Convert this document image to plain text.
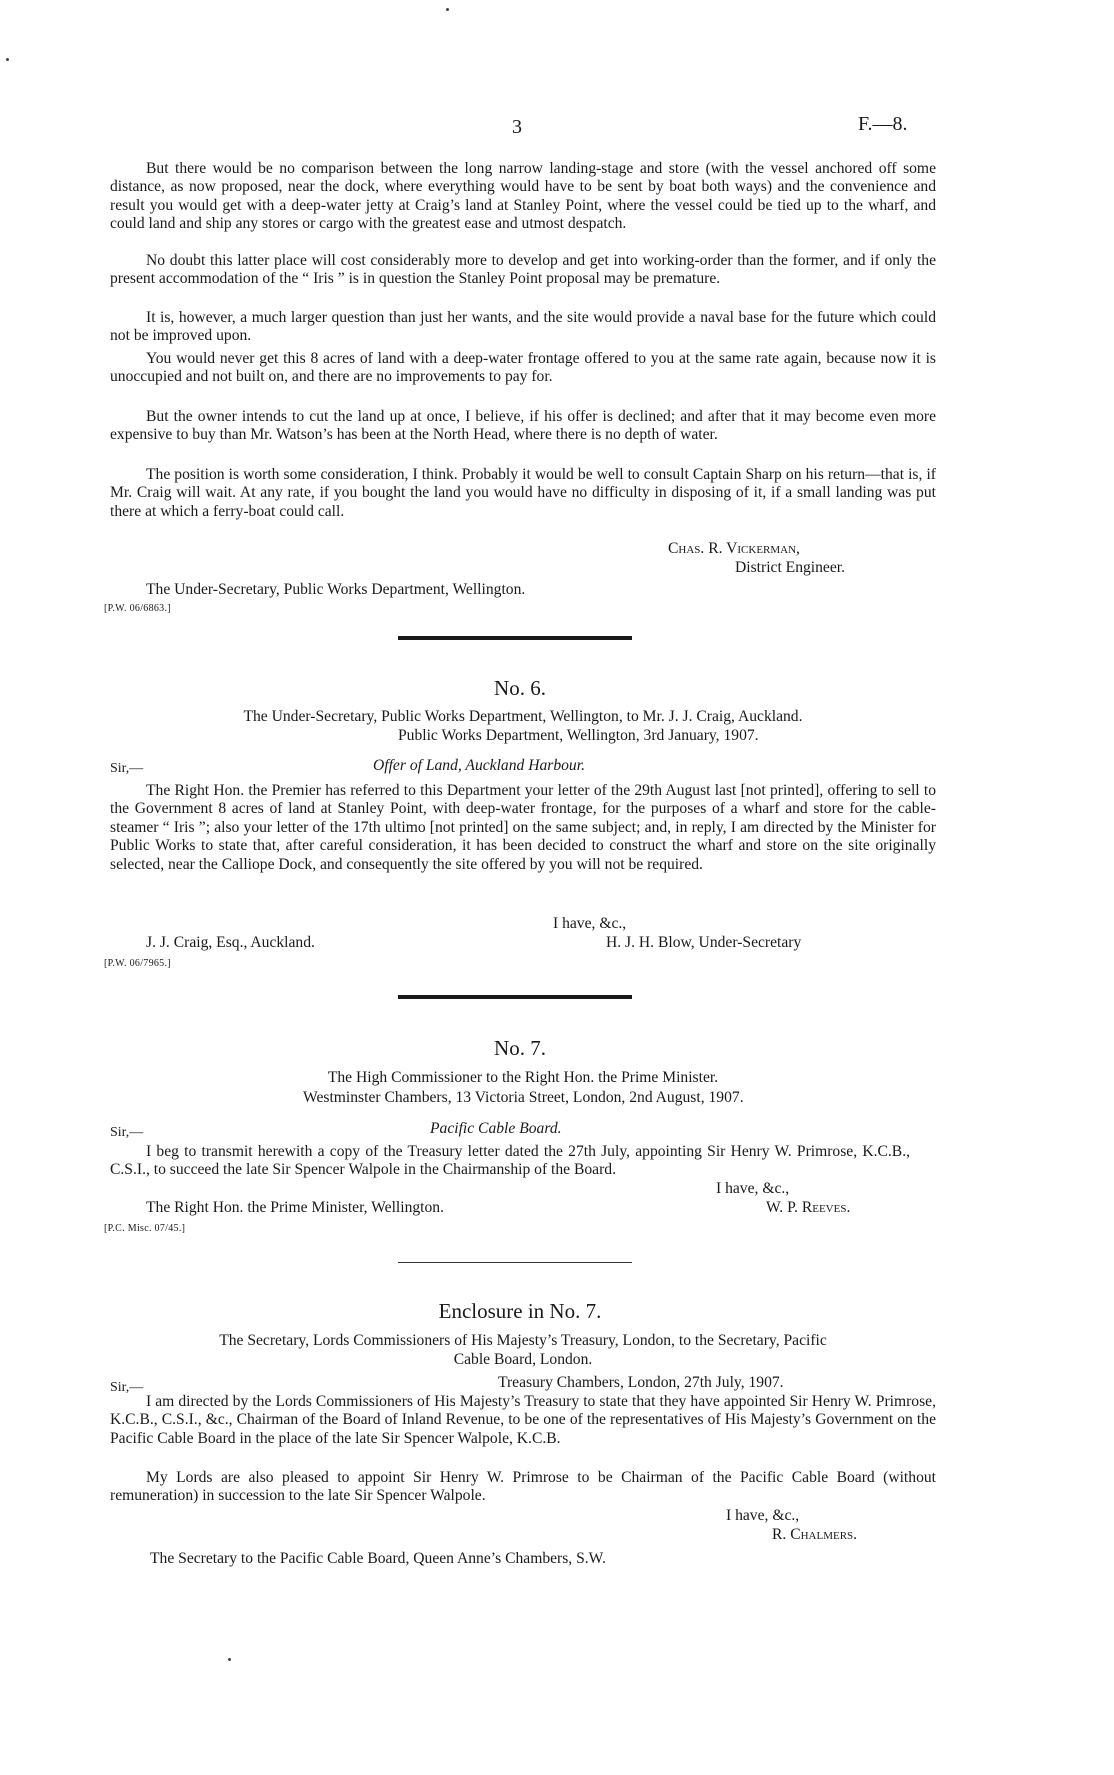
3	F.—8.

But there would be no comparison between the long narrow landing-stage and store (with the vessel anchored off some distance, as now proposed, near the dock, where everything would have to be sent by boat both ways) and the convenience and result you would get with a deep-water jetty at Craig’s land at Stanley Point, where the vessel could be tied up to the wharf, and could land and ship any stores or cargo with the greatest ease and utmost despatch.

No doubt this latter place will cost considerably more to develop and get into working-order than the former, and if only the present accommodation of the “ Iris ” is in question the Stanley Point proposal may be premature.

It is, however, a much larger question than just her wants, and the site would provide a naval base for the future which could not be improved upon.

You would never get this 8 acres of land with a deep-water frontage offered to you at the same rate again, because now it is unoccupied and not built on, and there are no improvements to pay for.

But the owner intends to cut the land up at once, I believe, if his offer is declined; and after that it may become even more expensive to buy than Mr. Watson’s has been at the North Head, where there is no depth of water.

The position is worth some consideration, I think. Probably it would be well to consult Captain Sharp on his return—that is, if Mr. Craig will wait. At any rate, if you bought the land you would have no difficulty in disposing of it, if a small landing was put there at which a ferry-boat could call.

Chas. R. Vickerman,
District Engineer.
The Under-Secretary, Public Works Department, Wellington.
[P.W. 06/6863.]
No. 6.
The Under-Secretary, Public Works Department, Wellington, to Mr. J. J. Craig, Auckland.
Public Works Department, Wellington, 3rd January, 1907.
Sir,—	Offer of Land, Auckland Harbour.

The Right Hon. the Premier has referred to this Department your letter of the 29th August last [not printed], offering to sell to the Government 8 acres of land at Stanley Point, with deep-water frontage, for the purposes of a wharf and store for the cable-steamer “ Iris ”; also your letter of the 17th ultimo [not printed] on the same subject; and, in reply, I am directed by the Minister for Public Works to state that, after careful consideration, it has been decided to construct the wharf and store on the site originally selected, near the Calliope Dock, and consequently the site offered by you will not be required.

I have, &c.,
J. J. Craig, Esq., Auckland.	H. J. H. Blow, Under-Secretary
[P.W. 06/7965.]
No. 7.
The High Commissioner to the Right Hon. the Prime Minister.
Westminster Chambers, 13 Victoria Street, London, 2nd August, 1907.
Sir,—	Pacific Cable Board.

I beg to transmit herewith a copy of the Treasury letter dated the 27th July, appointing Sir Henry W. Primrose, K.C.B., C.S.I., to succeed the late Sir Spencer Walpole in the Chairmanship of the Board.

I have, &c.,
The Right Hon. the Prime Minister, Wellington.	W. P. Reeves.
[P.C. Misc. 07/45.]
Enclosure in No. 7.
The Secretary, Lords Commissioners of His Majesty’s Treasury, London, to the Secretary, Pacific
Cable Board, London.
Sir,—	Treasury Chambers, London, 27th July, 1907.

I am directed by the Lords Commissioners of His Majesty’s Treasury to state that they have appointed Sir Henry W. Primrose, K.C.B., C.S.I., &c., Chairman of the Board of Inland Revenue, to be one of the representatives of His Majesty’s Government on the Pacific Cable Board in the place of the late Sir Spencer Walpole, K.C.B.

My Lords are also pleased to appoint Sir Henry W. Primrose to be Chairman of the Pacific Cable Board (without remuneration) in succession to the late Sir Spencer Walpole.

I have, &c.,
R. Chalmers.
The Secretary to the Pacific Cable Board, Queen Anne’s Chambers, S.W.
